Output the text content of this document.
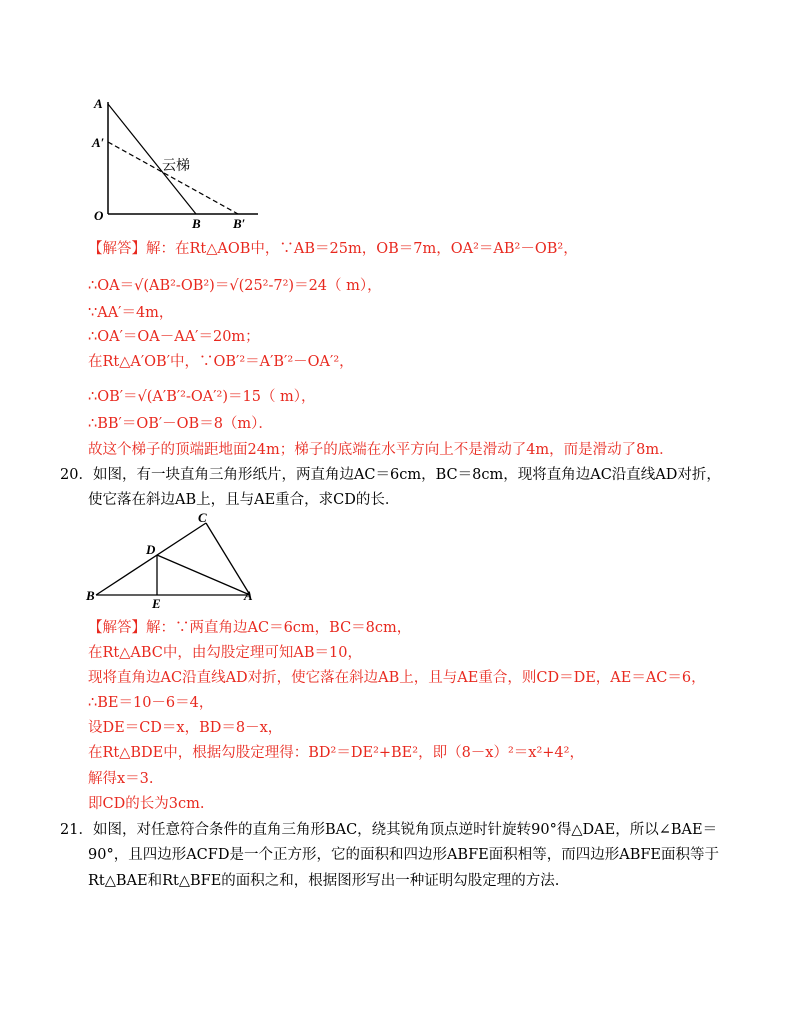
A
A′
O
B B′
云梯
【解答】解：在Rt△AOB中，∵AB＝25m，OB＝7m，OA²＝AB²－OB²，
∴OA＝√(AB²-OB²)＝√(25²-7²)＝24（ m），
∵AA′＝4m，
∴OA′＝OA－AA′＝20m；
在Rt△A′OB′中，∵OB′²＝A′B′²－OA′²，
∴OB′＝√(A′B′²-OA′²)＝15（ m），
∴BB′＝OB′－OB＝8（m）．
故这个梯子的顶端距地面24m；梯子的底端在水平方向上不是滑动了4m，而是滑动了8m．
20．如图，有一块直角三角形纸片，两直角边AC＝6cm，BC＝8cm，现将直角边AC沿直线AD对折，
使它落在斜边AB上，且与AE重合，求CD的长．
C
D
B
E
A
【解答】解：∵两直角边AC＝6cm，BC＝8cm，
在Rt△ABC中，由勾股定理可知AB＝10，
现将直角边AC沿直线AD对折，使它落在斜边AB上，且与AE重合，则CD＝DE，AE＝AC＝6，
∴BE＝10－6＝4，
设DE＝CD＝x，BD＝8－x，
在Rt△BDE中，根据勾股定理得：BD²＝DE²+BE²，即（8－x）²＝x²+4²，
解得x＝3.
即CD的长为3cm.
21．如图，对任意符合条件的直角三角形BAC，绕其锐角顶点逆时针旋转90°得△DAE，所以∠BAE＝
90°，且四边形ACFD是一个正方形，它的面积和四边形ABFE面积相等，而四边形ABFE面积等于
Rt△BAE和Rt△BFE的面积之和，根据图形写出一种证明勾股定理的方法.
